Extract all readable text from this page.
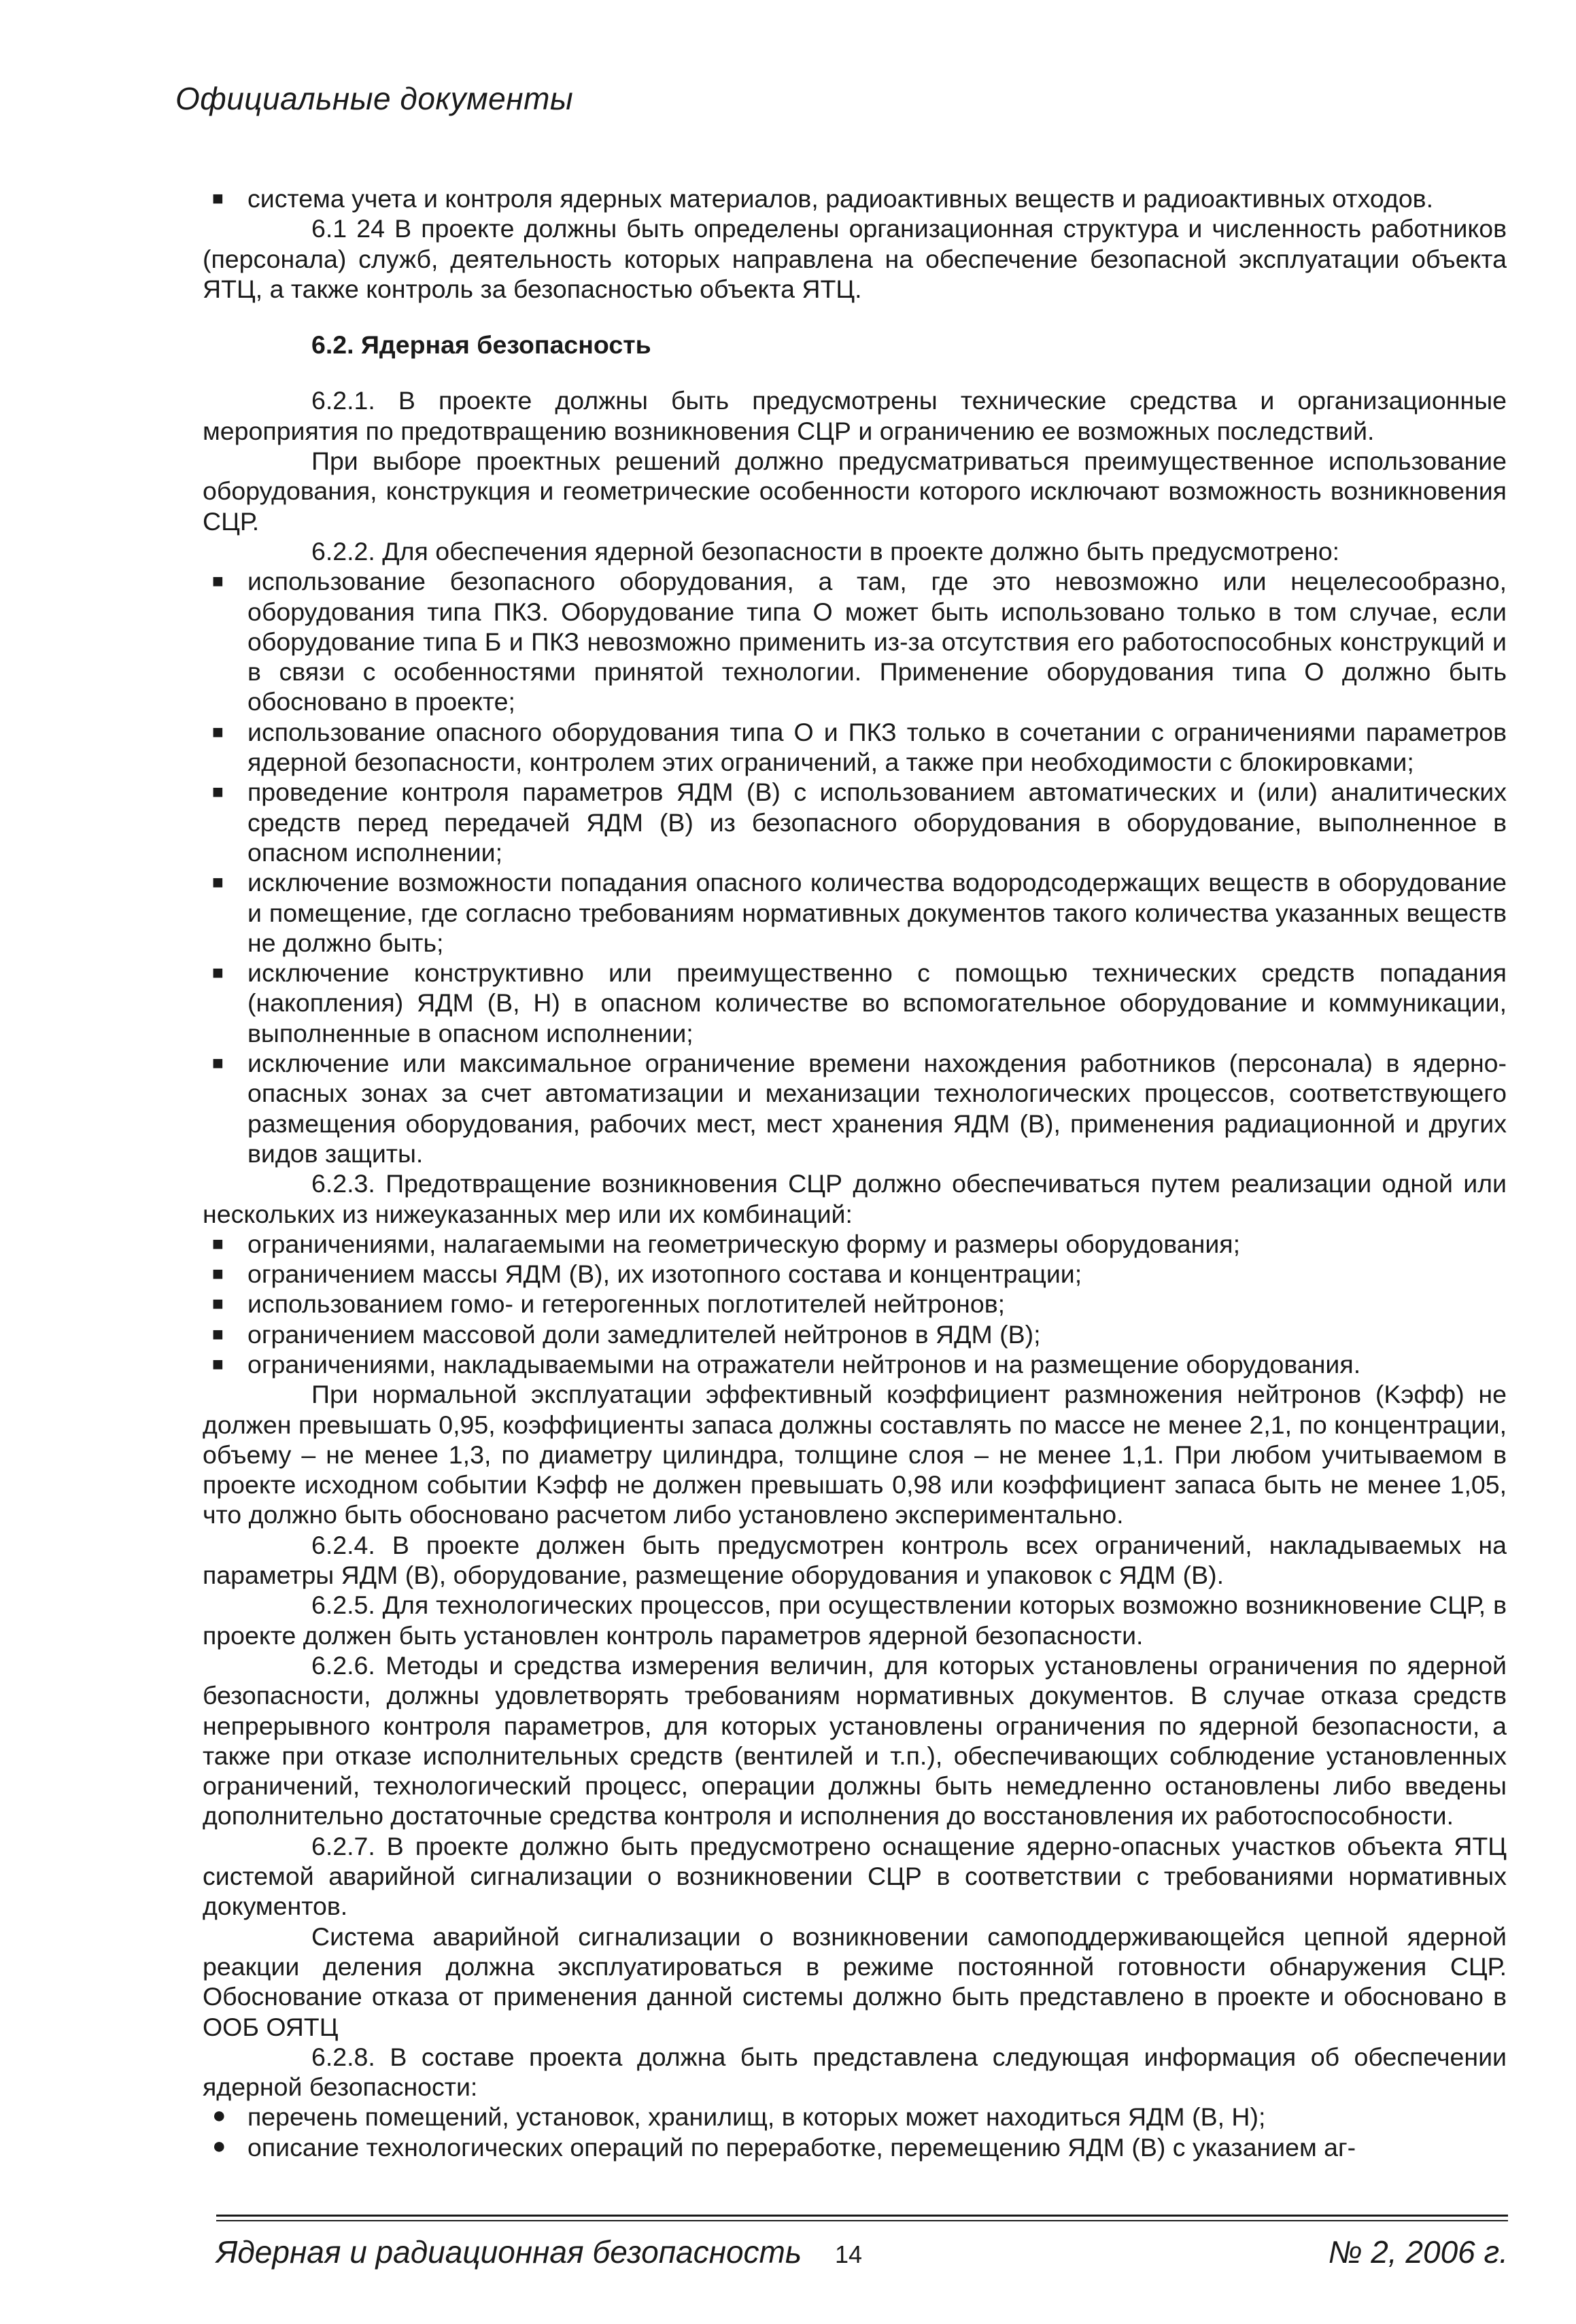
Официальные документы
■ система учета и контроля ядерных материалов, радиоактивных веществ и радиоактивных отходов.

6.1 24 В проекте должны быть определены организационная структура и численность работников (персонала) служб, деятельность которых направлена на обеспечение безопасной эксплуатации объекта ЯТЦ, а также контроль за безопасностью объекта ЯТЦ.

6.2. Ядерная безопасность

6.2.1. В проекте должны быть предусмотрены технические средства и организационные мероприятия по предотвращению возникновения СЦР и ограничению ее возможных последствий.

При выборе проектных решений должно предусматриваться преимущественное использование оборудования, конструкция и геометрические особенности которого исключают возможность возникновения СЦР.

6.2.2. Для обеспечения ядерной безопасности в проекте должно быть предусмотрено:

■ использование безопасного оборудования, а там, где это невозможно или нецелесообразно, оборудования типа ПКЗ. Оборудование типа О может быть использовано только в том случае, если оборудование типа Б и ПКЗ невозможно применить из-за отсутствия его работоспособных конструкций и в связи с особенностями принятой технологии. Применение оборудования типа О должно быть обосновано в проекте;
■ использование опасного оборудования типа О и ПКЗ только в сочетании с ограничениями параметров ядерной безопасности, контролем этих ограничений, а также при необходимости с блокировками;
■ проведение контроля параметров ЯДМ (В) с использованием автоматических и (или) аналитических средств перед передачей ЯДМ (В) из безопасного оборудования в оборудование, выполненное в опасном исполнении;
■ исключение возможности попадания опасного количества водородсодержащих веществ в оборудование и помещение, где согласно требованиям нормативных документов такого количества указанных веществ не должно быть;
■ исключение конструктивно или преимущественно с помощью технических средств попадания (накопления) ЯДМ (В, Н) в опасном количестве во вспомогательное оборудование и коммуникации, выполненные в опасном исполнении;
■ исключение или максимальное ограничение времени нахождения работников (персонала) в ядерно-опасных зонах за счет автоматизации и механизации технологических процессов, соответствующего размещения оборудования, рабочих мест, мест хранения ЯДМ (В), применения радиационной и других видов защиты.

6.2.3. Предотвращение возникновения СЦР должно обеспечиваться путем реализации одной или нескольких из нижеуказанных мер или их комбинаций:

■ ограничениями, налагаемыми на геометрическую форму и размеры оборудования;
■ ограничением массы ЯДМ (В), их изотопного состава и концентрации;
■ использованием гомо- и гетерогенных поглотителей нейтронов;
■ ограничением массовой доли замедлителей нейтронов в ЯДМ (В);
■ ограничениями, накладываемыми на отражатели нейтронов и на размещение оборудования.

При нормальной эксплуатации эффективный коэффициент размножения нейтронов (Kэфф) не должен превышать 0,95, коэффициенты запаса должны составлять по массе не менее 2,1, по концентрации, объему – не менее 1,3, по диаметру цилиндра, толщине слоя – не менее 1,1. При любом учитываемом в проекте исходном событии Kэфф не должен превышать 0,98 или коэффициент запаса быть не менее 1,05, что должно быть обосновано расчетом либо установлено экспериментально.

6.2.4. В проекте должен быть предусмотрен контроль всех ограничений, накладываемых на параметры ЯДМ (В), оборудование, размещение оборудования и упаковок с ЯДМ (В).

6.2.5. Для технологических процессов, при осуществлении которых возможно возникновение СЦР, в проекте должен быть установлен контроль параметров ядерной безопасности.

6.2.6. Методы и средства измерения величин, для которых установлены ограничения по ядерной безопасности, должны удовлетворять требованиям нормативных документов. В случае отказа средств непрерывного контроля параметров, для которых установлены ограничения по ядерной безопасности, а также при отказе исполнительных средств (вентилей и т.п.), обеспечивающих соблюдение установленных ограничений, технологический процесс, операции должны быть немедленно остановлены либо введены дополнительно достаточные средства контроля и исполнения до восстановления их работоспособности.

6.2.7. В проекте должно быть предусмотрено оснащение ядерно-опасных участков объекта ЯТЦ системой аварийной сигнализации о возникновении СЦР в соответствии с требованиями нормативных документов.

Система аварийной сигнализации о возникновении самоподдерживающейся цепной ядерной реакции деления должна эксплуатироваться в режиме постоянной готовности обнаружения СЦР. Обоснование отказа от применения данной системы должно быть представлено в проекте и обосновано в ООБ ОЯТЦ

6.2.8. В составе проекта должна быть представлена следующая информация об обеспечении ядерной безопасности:

● перечень помещений, установок, хранилищ, в которых может находиться ЯДМ (В, Н);
● описание технологических операций по переработке, перемещению ЯДМ (В) с указанием аг-
Ядерная и радиационная безопасность 14	№ 2, 2006 г.
